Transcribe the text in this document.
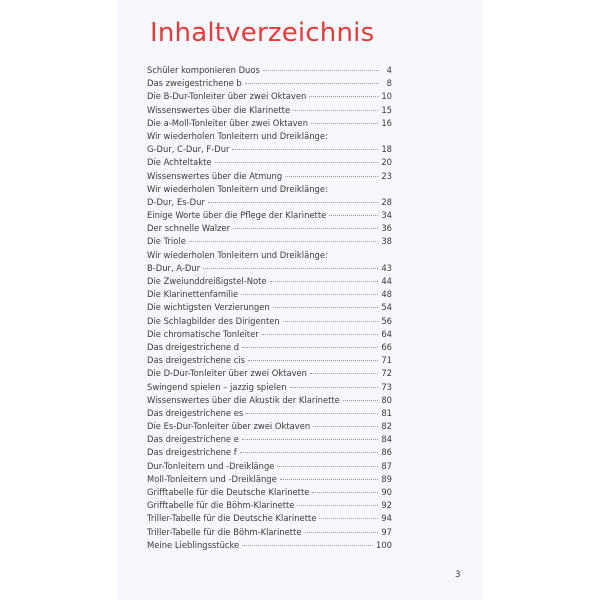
Inhaltverzeichnis
Schüler komponieren Duos	4
Das zweigestrichene b	8
Die B-Dur-Tonleiter über zwei Oktaven	10
Wissenswertes über die Klarinette	15
Die a-Moll-Tonleiter über zwei Oktaven	16
Wir wiederholen Tonleitern und Dreiklänge:
G-Dur, C-Dur, F-Dur	18
Die Achteltakte	20
Wissenswertes über die Atmung	23
Wir wiederholen Tonleitern und Dreiklänge:
D-Dur, Es-Dur	28
Einige Worte über die Pflege der Klarinette	34
Der schnelle Walzer	36
Die Triole	38
Wir wiederholen Tonleitern und Dreiklänge:
B-Dur, A-Dur	43
Die Zweiunddreißigstel-Note	44
Die Klarinettenfamilie	48
Die wichtigsten Verzierungen	54
Die Schlagbilder des Dirigenten	56
Die chromatische Tonleiter	64
Das dreigestrichene d	66
Das dreigestrichene cis	71
Die D-Dur-Tonleiter über zwei Oktaven	72
Swingend spielen – jazzig spielen	73
Wissenswertes über die Akustik der Klarinette	80
Das dreigestrichene es	81
Die Es-Dur-Tonleiter über zwei Oktaven	82
Das dreigestrichene e	84
Das dreigestrichene f	86
Dur-Tonleitern und -Dreiklänge	87
Moll-Tonleitern und -Dreiklänge	89
Grifftabelle für die Deutsche Klarinette	90
Grifftabelle für die Böhm-Klarinette	92
Triller-Tabelle für die Deutsche Klarinette	94
Triller-Tabelle für die Böhm-Klarinette	97
Meine Lieblingsstücke	100
3
